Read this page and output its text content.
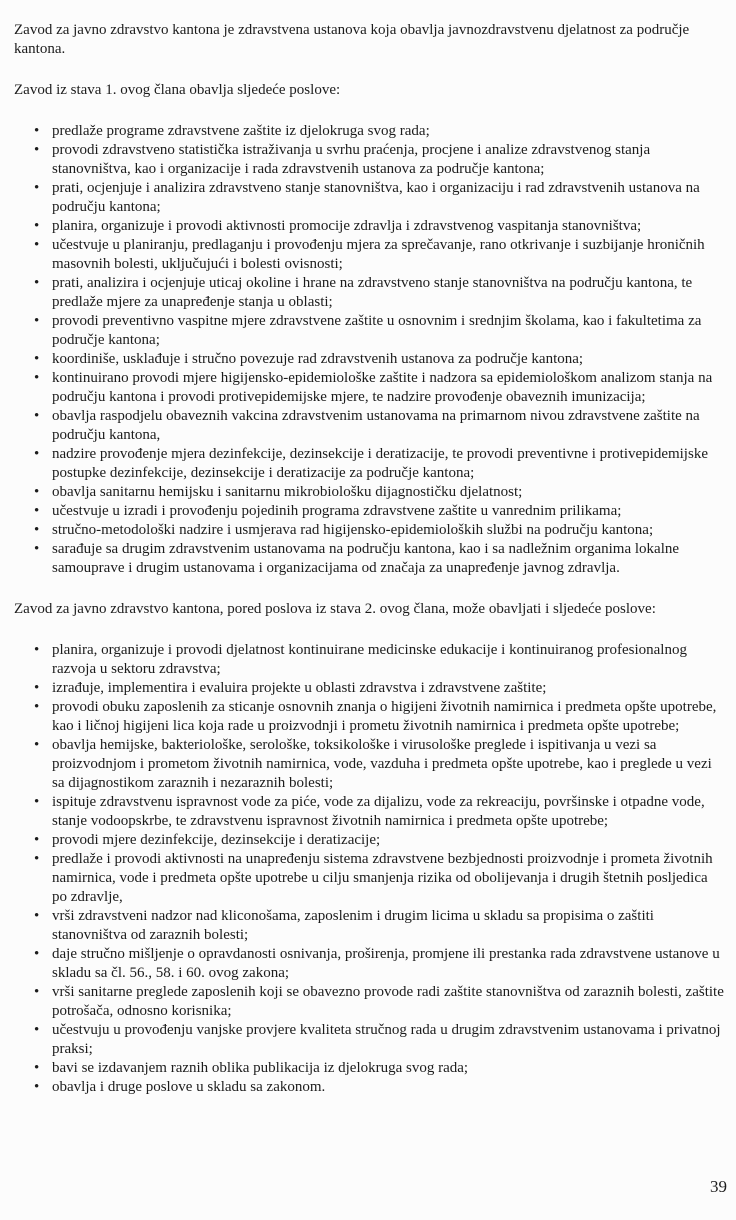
Zavod za javno zdravstvo kantona je zdravstvena ustanova koja obavlja javnozdravstvenu djelatnost za područje kantona.

Zavod iz stava 1. ovog člana obavlja sljedeće poslove:

• predlaže programe zdravstvene zaštite iz djelokruga svog rada;
• provodi zdravstveno statistička istraživanja u svrhu praćenja, procjene i analize zdravstvenog stanja stanovništva, kao i organizacije i rada zdravstvenih ustanova za područje kantona;
• prati, ocjenjuje i analizira zdravstveno stanje stanovništva, kao i organizaciju i rad zdravstvenih ustanova na području kantona;
• planira, organizuje i provodi aktivnosti promocije zdravlja i zdravstvenog vaspitanja stanovništva;
• učestvuje u planiranju, predlaganju i provođenju mjera za sprečavanje, rano otkrivanje i suzbijanje hroničnih masovnih bolesti, uključujući i bolesti ovisnosti;
• prati, analizira i ocjenjuje uticaj okoline i hrane na zdravstveno stanje stanovništva na području kantona, te predlaže mjere za unapređenje stanja u oblasti;
• provodi preventivno vaspitne mjere zdravstvene zaštite u osnovnim i srednjim školama, kao i fakultetima za područje kantona;
• koordiniše, usklađuje i stručno povezuje rad zdravstvenih ustanova za područje kantona;
• kontinuirano provodi mjere higijensko-epidemiološke zaštite i nadzora sa epidemiološkom analizom stanja na području kantona i provodi protivepidemijske mjere, te nadzire provođenje obaveznih imunizacija;
• obavlja raspodjelu obaveznih vakcina zdravstvenim ustanovama na primarnom nivou zdravstvene zaštite na području kantona,
• nadzire provođenje mjera dezinfekcije, dezinsekcije i deratizacije, te provodi preventivne i protivepidemijske postupke dezinfekcije, dezinsekcije i deratizacije za područje kantona;
• obavlja sanitarnu hemijsku i sanitarnu mikrobiološku dijagnostičku djelatnost;
• učestvuje u izradi i provođenju pojedinih programa zdravstvene zaštite u vanrednim prilikama;
• stručno-metodološki nadzire i usmjerava rad higijensko-epidemioloških službi na području kantona;
• sarađuje sa drugim zdravstvenim ustanovama na području kantona, kao i sa nadležnim organima lokalne samouprave i drugim ustanovama i organizacijama od značaja za unapređenje javnog zdravlja.

Zavod za javno zdravstvo kantona, pored poslova iz stava 2. ovog člana, može obavljati i sljedeće poslove:

• planira, organizuje i provodi djelatnost kontinuirane medicinske edukacije i kontinuiranog profesionalnog razvoja u sektoru zdravstva;
• izrađuje, implementira i evaluira projekte u oblasti zdravstva i zdravstvene zaštite;
• provodi obuku zaposlenih za sticanje osnovnih znanja o higijeni životnih namirnica i predmeta opšte upotrebe, kao i ličnoj higijeni lica koja rade u proizvodnji i prometu životnih namirnica i predmeta opšte upotrebe;
• obavlja hemijske, bakteriološke, serološke, toksikološke i virusološke preglede i ispitivanja u vezi sa proizvodnjom i prometom životnih namirnica, vode, vazduha i predmeta opšte upotrebe, kao i preglede u vezi sa dijagnostikom zaraznih i nezaraznih bolesti;
• ispituje zdravstvenu ispravnost vode za piće, vode za dijalizu, vode za rekreaciju, površinske i otpadne vode, stanje vodoopskrbe, te zdravstvenu ispravnost životnih namirnica i predmeta opšte upotrebe;
• provodi mjere dezinfekcije, dezinsekcije i deratizacije;
• predlaže i provodi aktivnosti na unapređenju sistema zdravstvene bezbjednosti proizvodnje i prometa životnih namirnica, vode i predmeta opšte upotrebe u cilju smanjenja rizika od obolijevanja i drugih štetnih posljedica po zdravlje,
• vrši zdravstveni nadzor nad kliconošama, zaposlenim i drugim licima u skladu sa propisima o zaštiti stanovništva od zaraznih bolesti;
• daje stručno mišljenje o opravdanosti osnivanja, proširenja, promjene ili prestanka rada zdravstvene ustanove u skladu sa čl. 56., 58. i 60. ovog zakona;
• vrši sanitarne preglede zaposlenih koji se obavezno provode radi zaštite stanovništva od zaraznih bolesti, zaštite potrošača, odnosno korisnika;
• učestvuju u provođenju vanjske provjere kvaliteta stručnog rada u drugim zdravstvenim ustanovama i privatnoj praksi;
• bavi se izdavanjem raznih oblika publikacija iz djelokruga svog rada;
• obavlja i druge poslove u skladu sa zakonom.
39
